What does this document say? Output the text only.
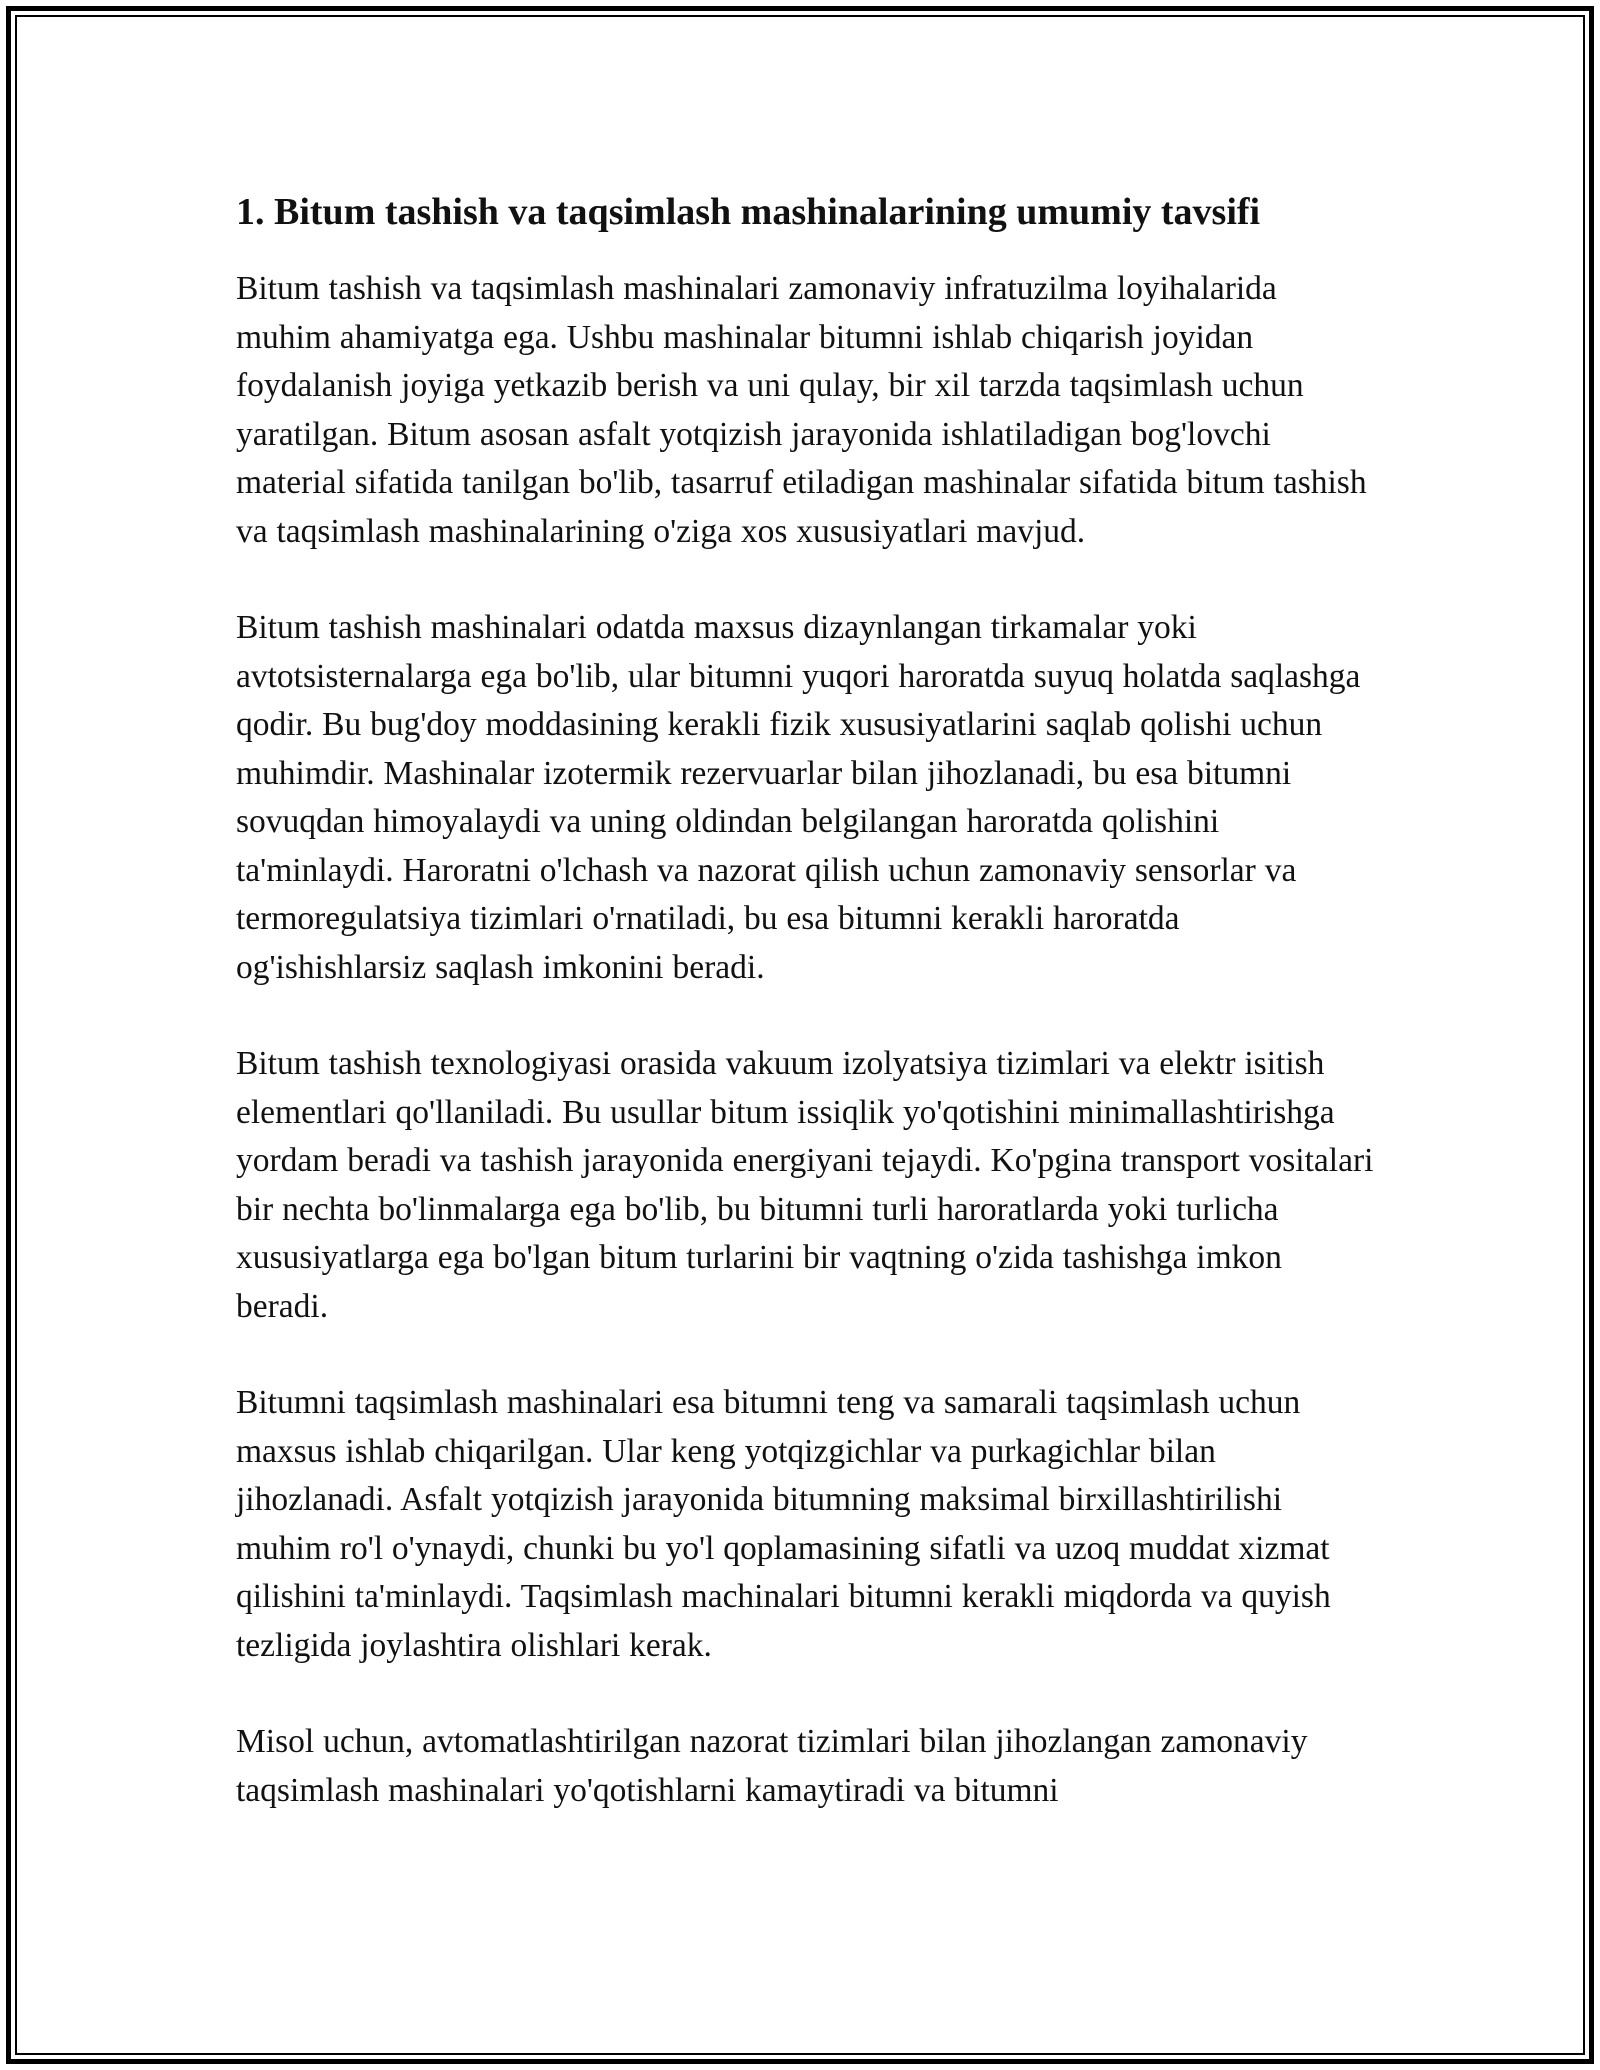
1. Bitum tashish va taqsimlash mashinalarining umumiy tavsifi

Bitum tashish va taqsimlash mashinalari zamonaviy infratuzilma loyihalarida muhim ahamiyatga ega. Ushbu mashinalar bitumni ishlab chiqarish joyidan foydalanish joyiga yetkazib berish va uni qulay, bir xil tarzda taqsimlash uchun yaratilgan. Bitum asosan asfalt yotqizish jarayonida ishlatiladigan bog'lovchi material sifatida tanilgan bo'lib, tasarruf etiladigan mashinalar sifatida bitum tashish va taqsimlash mashinalarining o'ziga xos xususiyatlari mavjud.

Bitum tashish mashinalari odatda maxsus dizaynlangan tirkamalar yoki avtotsisternalarga ega bo'lib, ular bitumni yuqori haroratda suyuq holatda saqlashga qodir. Bu bug'doy moddasining kerakli fizik xususiyatlarini saqlab qolishi uchun muhimdir. Mashinalar izotermik rezervuarlar bilan jihozlanadi, bu esa bitumni sovuqdan himoyalaydi va uning oldindan belgilangan haroratda qolishini ta'minlaydi. Haroratni o'lchash va nazorat qilish uchun zamonaviy sensorlar va termoregulatsiya tizimlari o'rnatiladi, bu esa bitumni kerakli haroratda og'ishishlarsiz saqlash imkonini beradi.

Bitum tashish texnologiyasi orasida vakuum izolyatsiya tizimlari va elektr isitish elementlari qo'llaniladi. Bu usullar bitum issiqlik yo'qotishini minimallashtirishga yordam beradi va tashish jarayonida energiyani tejaydi. Ko'pgina transport vositalari bir nechta bo'linmalarga ega bo'lib, bu bitumni turli haroratlarda yoki turlicha xususiyatlarga ega bo'lgan bitum turlarini bir vaqtning o'zida tashishga imkon beradi.

Bitumni taqsimlash mashinalari esa bitumni teng va samarali taqsimlash uchun maxsus ishlab chiqarilgan. Ular keng yotqizgichlar va purkagichlar bilan jihozlanadi. Asfalt yotqizish jarayonida bitumning maksimal birxillashtirilishi muhim ro'l o'ynaydi, chunki bu yo'l qoplamasining sifatli va uzoq muddat xizmat qilishini ta'minlaydi. Taqsimlash machinalari bitumni kerakli miqdorda va quyish tezligida joylashtira olishlari kerak.

Misol uchun, avtomatlashtirilgan nazorat tizimlari bilan jihozlangan zamonaviy taqsimlash mashinalari yo'qotishlarni kamaytiradi va bitumni
